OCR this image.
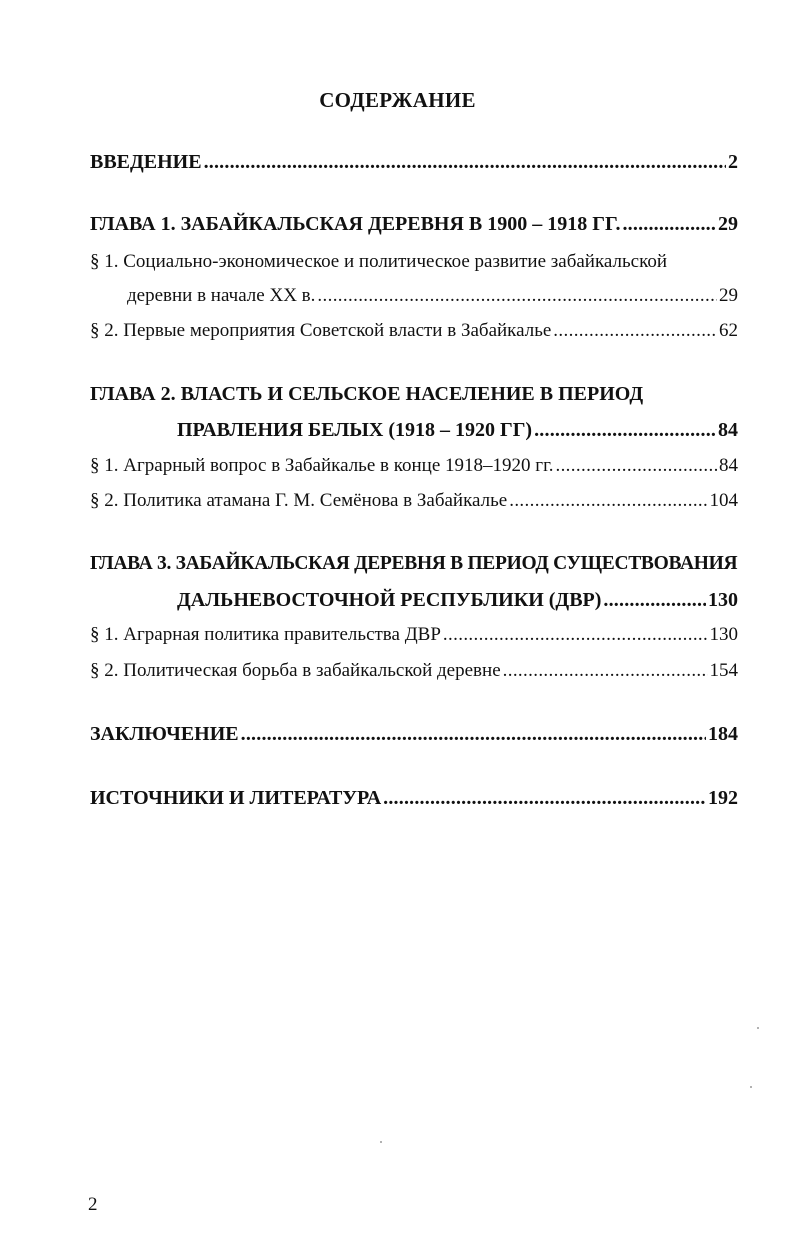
СОДЕРЖАНИЕ
ВВЕДЕНИЕ . . .	2
ГЛАВА 1. ЗАБАЙКАЛЬСКАЯ ДЕРЕВНЯ В 1900 – 1918 ГГ. . . .	29
§ 1. Социально-экономическое и политическое развитие забайкальской
деревни в начале XX в. . . .	29
§ 2. Первые мероприятия Советской власти в Забайкалье . . .	62
ГЛАВА 2. ВЛАСТЬ И СЕЛЬСКОЕ НАСЕЛЕНИЕ В ПЕРИОД
ПРАВЛЕНИЯ БЕЛЫХ (1918 – 1920 ГГ) . . .	84
§ 1. Аграрный вопрос в Забайкалье в конце 1918–1920 гг. . . .	84
§ 2. Политика атамана Г. М. Семёнова в Забайкалье . . .	104
ГЛАВА 3. ЗАБАЙКАЛЬСКАЯ ДЕРЕВНЯ В ПЕРИОД СУЩЕСТВОВАНИЯ
ДАЛЬНЕВОСТОЧНОЙ РЕСПУБЛИКИ (ДВР) . . .	130
§ 1. Аграрная политика правительства ДВР . . .	130
§ 2. Политическая борьба в забайкальской деревне . . .	154
ЗАКЛЮЧЕНИЕ . . .	184
ИСТОЧНИКИ И ЛИТЕРАТУРА . . .	192
2
